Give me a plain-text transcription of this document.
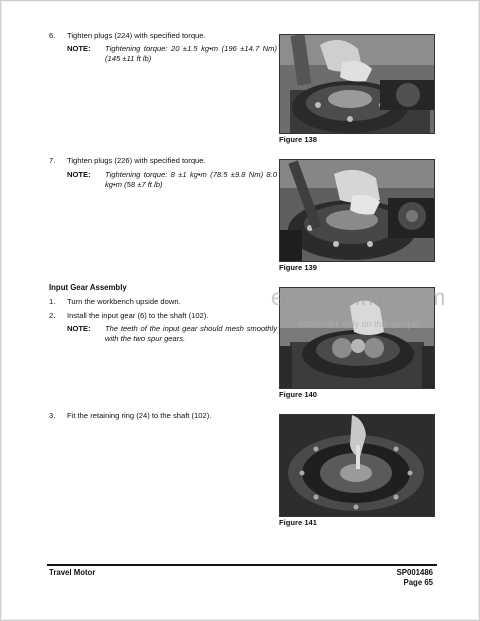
6. Tighten plugs (224) with specified torque.
NOTE: Tightening torque: 20 ±1.5 kg•m (196 ±14.7 Nm) (145 ±11 ft lb)
Figure 138
7. Tighten plugs (226) with specified torque.
NOTE: Tightening torque: 8 ±1 kg•m (78.5 ±9.8 Nm) 8.0 kg•m (58 ±7 ft lb)
Figure 139
Input Gear Assembly
1. Turn the workbench upside down.
2. Install the input gear (6) to the shaft (102).
NOTE: The teeth of the input gear should mesh smoothly with the two spur gears.
Figure 140
eRepairinfo.com
watermark only on this sample
3. Fit the retaining ring (24) to the shaft (102).
Figure 141
Travel Motor	SP001486
Page 65
